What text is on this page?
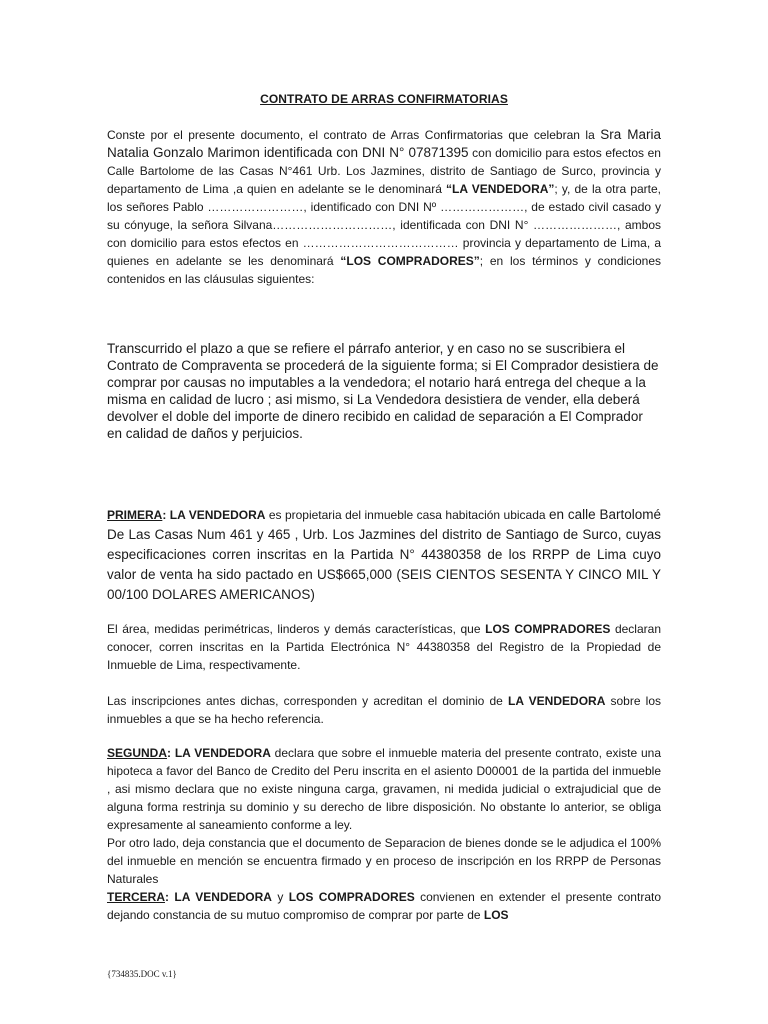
CONTRATO DE ARRAS CONFIRMATORIAS

Conste por el presente documento, el contrato de Arras Confirmatorias que celebran la Sra Maria Natalia Gonzalo Marimon identificada con DNI N° 07871395 con domicilio para estos efectos en Calle Bartolome de las Casas N°461 Urb. Los Jazmines, distrito de Santiago de Surco, provincia y departamento de Lima ,a quien en adelante se le denominará “LA VENDEDORA”; y, de la otra parte, los señores Pablo ……………………, identificado con DNI Nº …………………, de estado civil casado y su cónyuge, la señora Silvana…………………………, identificada con DNI N° …………………, ambos con domicilio para estos efectos en ………………………………… provincia y departamento de Lima, a quienes en adelante se les denominará “LOS COMPRADORES”; en los términos y condiciones contenidos en las cláusulas siguientes:

Transcurrido el plazo a que se refiere el párrafo anterior, y en caso no se suscribiera el Contrato de Compraventa se procederá de la siguiente forma; si El Comprador desistiera de comprar por causas no imputables a la vendedora; el notario hará entrega del cheque a la misma en calidad de lucro ; asi mismo, si La Vendedora desistiera de vender, ella deberá devolver el doble del importe de dinero recibido en calidad de separación a El Comprador en calidad de daños y perjuicios.

PRIMERA: LA VENDEDORA es propietaria del inmueble casa habitación ubicada en calle Bartolomé De Las Casas Num 461 y 465 , Urb. Los Jazmines del distrito de Santiago de Surco, cuyas especificaciones corren inscritas en la Partida N° 44380358 de los RRPP de Lima cuyo valor de venta ha sido pactado en US$665,000 (SEIS CIENTOS SESENTA Y CINCO MIL Y 00/100 DOLARES AMERICANOS)

El área, medidas perimétricas, linderos y demás características, que LOS COMPRADORES declaran conocer, corren inscritas en la Partida Electrónica N° 44380358 del Registro de la Propiedad de Inmueble de Lima, respectivamente.

Las inscripciones antes dichas, corresponden y acreditan el dominio de LA VENDEDORA sobre los inmuebles a que se ha hecho referencia.

SEGUNDA: LA VENDEDORA declara que sobre el inmueble materia del presente contrato, existe una hipoteca a favor del Banco de Credito del Peru inscrita en el asiento D00001 de la partida del inmueble , asi mismo declara que no existe ninguna carga, gravamen, ni medida judicial o extrajudicial que de alguna forma restrinja su dominio y su derecho de libre disposición. No obstante lo anterior, se obliga expresamente al saneamiento conforme a ley.

Por otro lado, deja constancia que el documento de Separacion de bienes donde se le adjudica el 100% del inmueble en mención se encuentra firmado y en proceso de inscripción en los RRPP de Personas Naturales

TERCERA: LA VENDEDORA y LOS COMPRADORES convienen en extender el presente contrato dejando constancia de su mutuo compromiso de comprar por parte de LOS

{734835.DOC v.1}
